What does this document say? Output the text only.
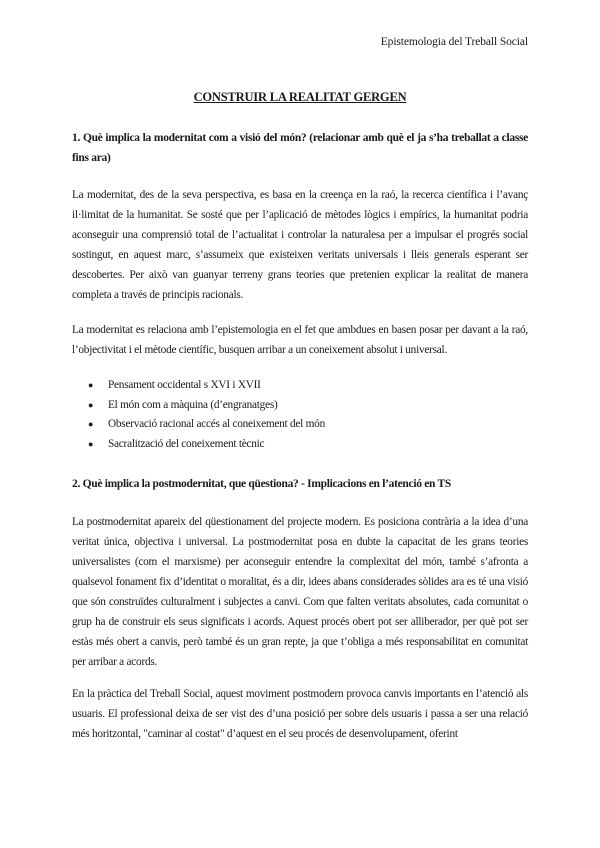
Epistemologia del Treball Social
CONSTRUIR LA REALITAT GERGEN

1. Què implica la modernitat com a visió del món? (relacionar amb què el ja s’ha treballat a classe fins ara)

La modernitat, des de la seva perspectiva, es basa en la creença en la raó, la recerca científica i l’avanç il·limitat de la humanitat. Se sosté que per l’aplicació de mètodes lògics i empírics, la humanitat podria aconseguir una comprensió total de l’actualitat i controlar la naturalesa per a impulsar el progrés social sostingut, en aquest marc, s’assumeix que existeixen veritats universals i lleis generals esperant ser descobertes. Per això van guanyar terreny grans teories que pretenien explicar la realitat de manera completa a través de principis racionals.

La modernitat es relaciona amb l’epistemologia en el fet que ambdues en basen posar per davant a la raó, l’objectivitat i el mètode científic, busquen arribar a un coneixement absolut i universal.

● Pensament occidental s XVI i XVII
● El món com a màquina (d’engranatges)
● Observació racional accés al coneixement del món
● Sacralització del coneixement tècnic

2. Què implica la postmodernitat, que qüestiona? - Implicacions en l’atenció en TS

La postmodernitat apareix del qüestionament del projecte modern. Es posiciona contrària a la idea d’una veritat única, objectiva i universal. La postmodernitat posa en dubte la capacitat de les grans teories universalistes (com el marxisme) per aconseguir entendre la complexitat del món, també s’afronta a qualsevol fonament fix d’identitat o moralitat, és a dir, idees abans considerades sòlides ara es té una visió que són construïdes culturalment i subjectes a canvi. Com que falten veritats absolutes, cada comunitat o grup ha de construir els seus significats i acords. Aquest procés obert pot ser alliberador, per què pot ser estàs més obert a canvis, però també és un gran repte, ja que t’obliga a més responsabilitat en comunitat per arribar a acords.

En la pràctica del Treball Social, aquest moviment postmodern provoca canvis importants en l’atenció als usuaris. El professional deixa de ser vist des d’una posició per sobre dels usuaris i passa a ser una relació més horitzontal, "caminar al costat" d’aquest en el seu procés de desenvolupament, oferint
